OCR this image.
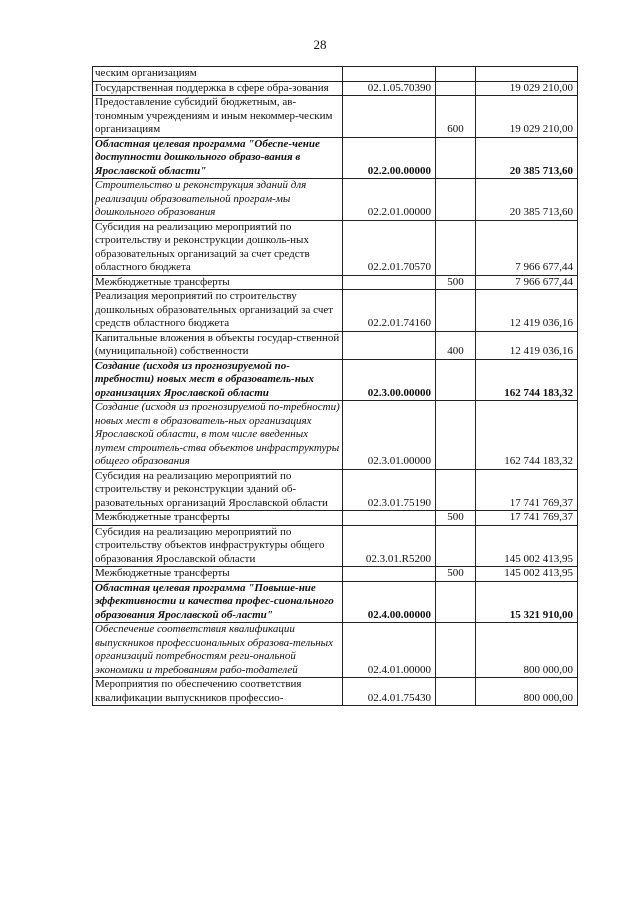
28
ческим организациям			
Государственная поддержка в сфере обра-зования	02.1.05.70390		19 029 210,00
Предоставление субсидий бюджетным, ав-тономным учреждениям и иным некоммер-ческим организациям		600	19 029 210,00
Областная целевая программа "Обеспе-чение доступности дошкольного образо-вания в Ярославской области"	02.2.00.00000		20 385 713,60
Строительство и реконструкция зданий для реализации образовательной програм-мы дошкольного образования	02.2.01.00000		20 385 713,60
Субсидия на реализацию мероприятий по строительству и реконструкции дошколь-ных образовательных организаций за счет средств областного бюджета	02.2.01.70570		7 966 677,44
Межбюджетные трансферты		500	7 966 677,44
Реализация мероприятий по строительству дошкольных образовательных организаций за счет средств областного бюджета	02.2.01.74160		12 419 036,16
Капитальные вложения в объекты государ-ственной (муниципальной) собственности		400	12 419 036,16
Создание (исходя из прогнозируемой по-требности) новых мест в образователь-ных организациях Ярославской области	02.3.00.00000		162 744 183,32
Создание (исходя из прогнозируемой по-требности) новых мест в образователь-ных организациях Ярославской области, в том числе введенных путем строитель-ства объектов инфраструктуры общего образования	02.3.01.00000		162 744 183,32
Субсидия на реализацию мероприятий по строительству и реконструкции зданий об-разовательных организаций Ярославской области	02.3.01.75190		17 741 769,37
Межбюджетные трансферты		500	17 741 769,37
Субсидия на реализацию мероприятий по строительству объектов инфраструктуры общего образования Ярославской области	02.3.01.R5200		145 002 413,95
Межбюджетные трансферты		500	145 002 413,95
Областная целевая программа "Повыше-ние эффективности и качества профес-сионального образования Ярославской об-ласти"	02.4.00.00000		15 321 910,00
Обеспечение соответствия квалификации выпускников профессиональных образова-тельных организаций потребностям реги-ональной экономики и требованиям рабо-тодателей	02.4.01.00000		800 000,00
Мероприятия по обеспечению соответствия квалификации выпускников профессио-	02.4.01.75430		800 000,00
